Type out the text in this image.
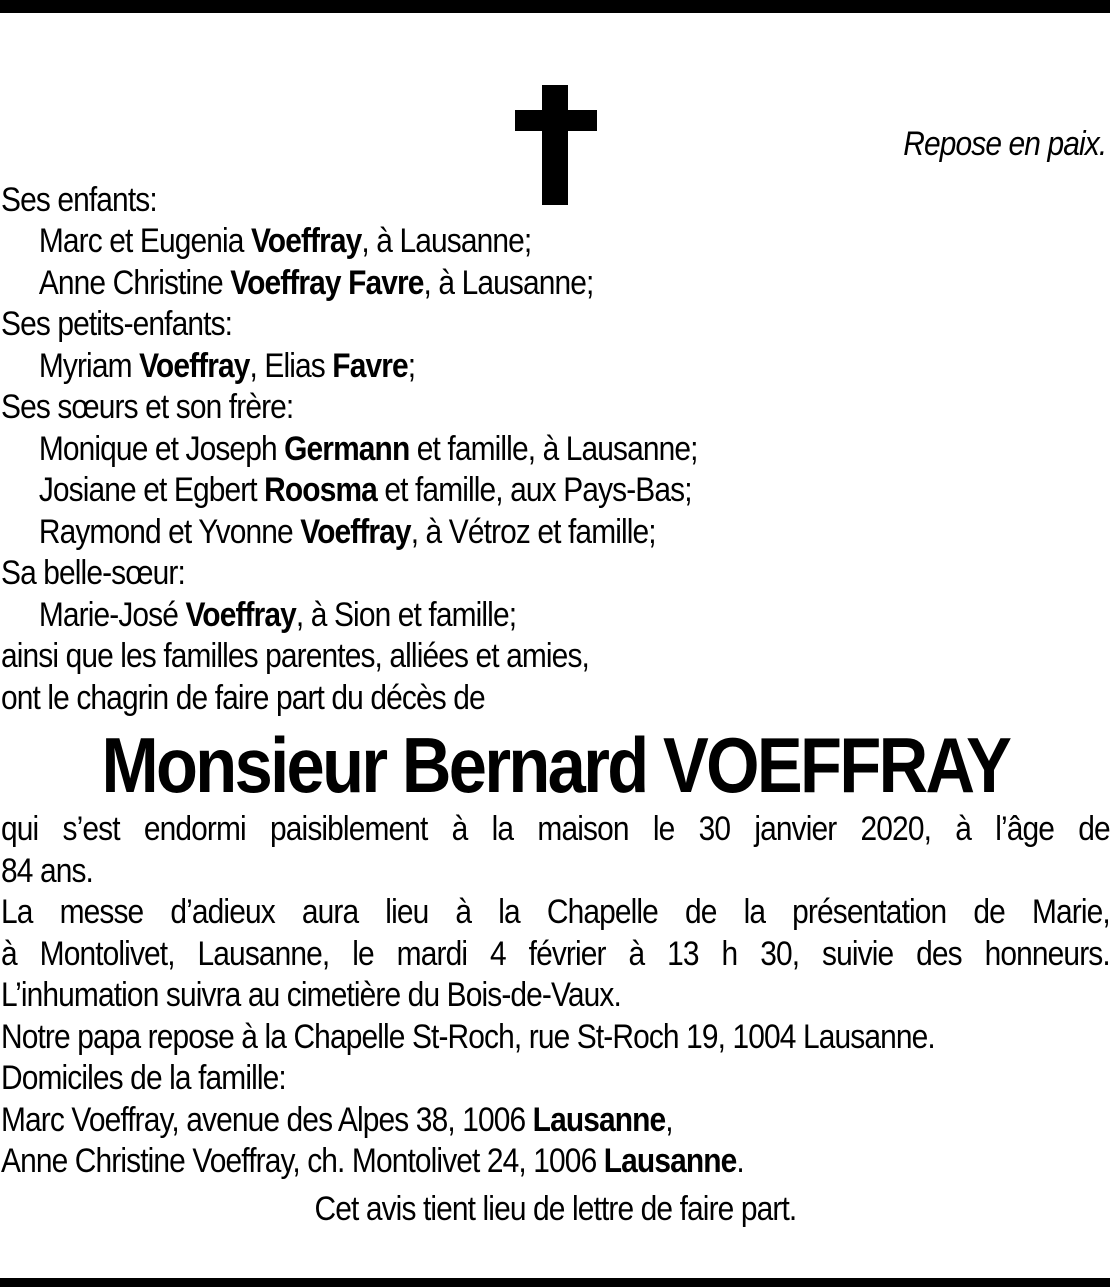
Repose en paix.
Ses enfants:
Marc et Eugenia Voeffray, à Lausanne;
Anne Christine Voeffray Favre, à Lausanne;
Ses petits-enfants:
Myriam Voeffray, Elias Favre;
Ses sœurs et son frère:
Monique et Joseph Germann et famille, à Lausanne;
Josiane et Egbert Roosma et famille, aux Pays-Bas;
Raymond et Yvonne Voeffray, à Vétroz et famille;
Sa belle-sœur:
Marie-José Voeffray, à Sion et famille;
ainsi que les familles parentes, alliées et amies,
ont le chagrin de faire part du décès de
Monsieur Bernard VOEFFRAY
qui s’est endormi paisiblement à la maison le 30 janvier 2020, à l’âge de
84 ans.
La messe d’adieux aura lieu à la Chapelle de la présentation de Marie,
à Montolivet, Lausanne, le mardi 4 février à 13 h 30, suivie des honneurs.
L’inhumation suivra au cimetière du Bois-de-Vaux.
Notre papa repose à la Chapelle St-Roch, rue St-Roch 19, 1004 Lausanne.
Domiciles de la famille:
Marc Voeffray, avenue des Alpes 38, 1006 Lausanne,
Anne Christine Voeffray, ch. Montolivet 24, 1006 Lausanne.
Cet avis tient lieu de lettre de faire part.
